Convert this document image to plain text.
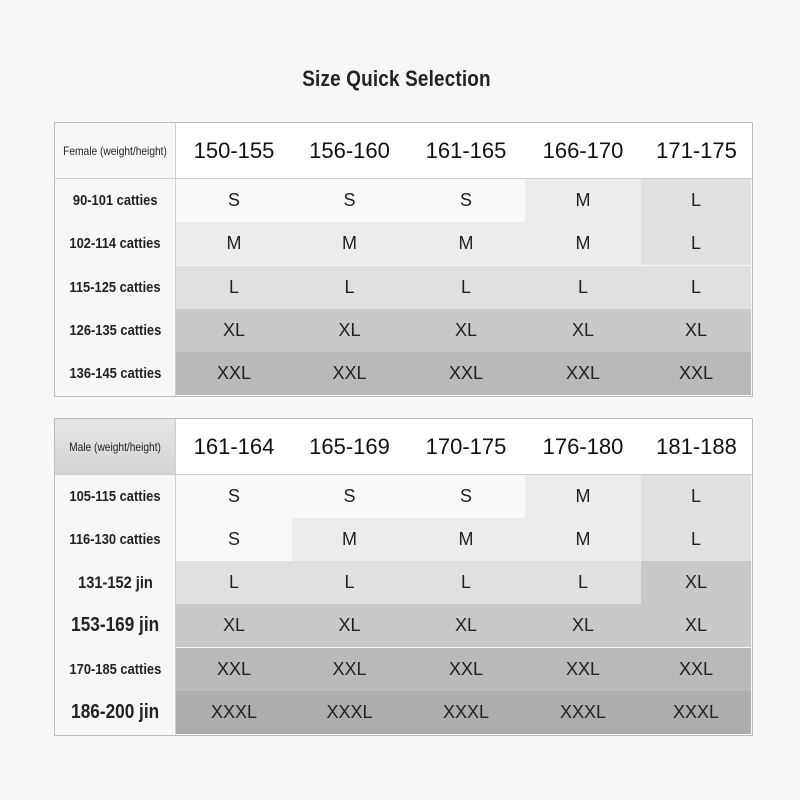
Size Quick Selection
Female (weight/height)	150-155	156-160	161-165	166-170	171-175
90-101 catties	S	S	S	M	L
102-114 catties	M	M	M	M	L
115-125 catties	L	L	L	L	L
126-135 catties	XL	XL	XL	XL	XL
136-145 catties	XXL	XXL	XXL	XXL	XXL
Male (weight/height)	161-164	165-169	170-175	176-180	181-188
105-115 catties	S	S	S	M	L
116-130 catties	S	M	M	M	L
131-152 jin	L	L	L	L	XL
153-169 jin	XL	XL	XL	XL	XL
170-185 catties	XXL	XXL	XXL	XXL	XXL
186-200 jin	XXXL	XXXL	XXXL	XXXL	XXXL
